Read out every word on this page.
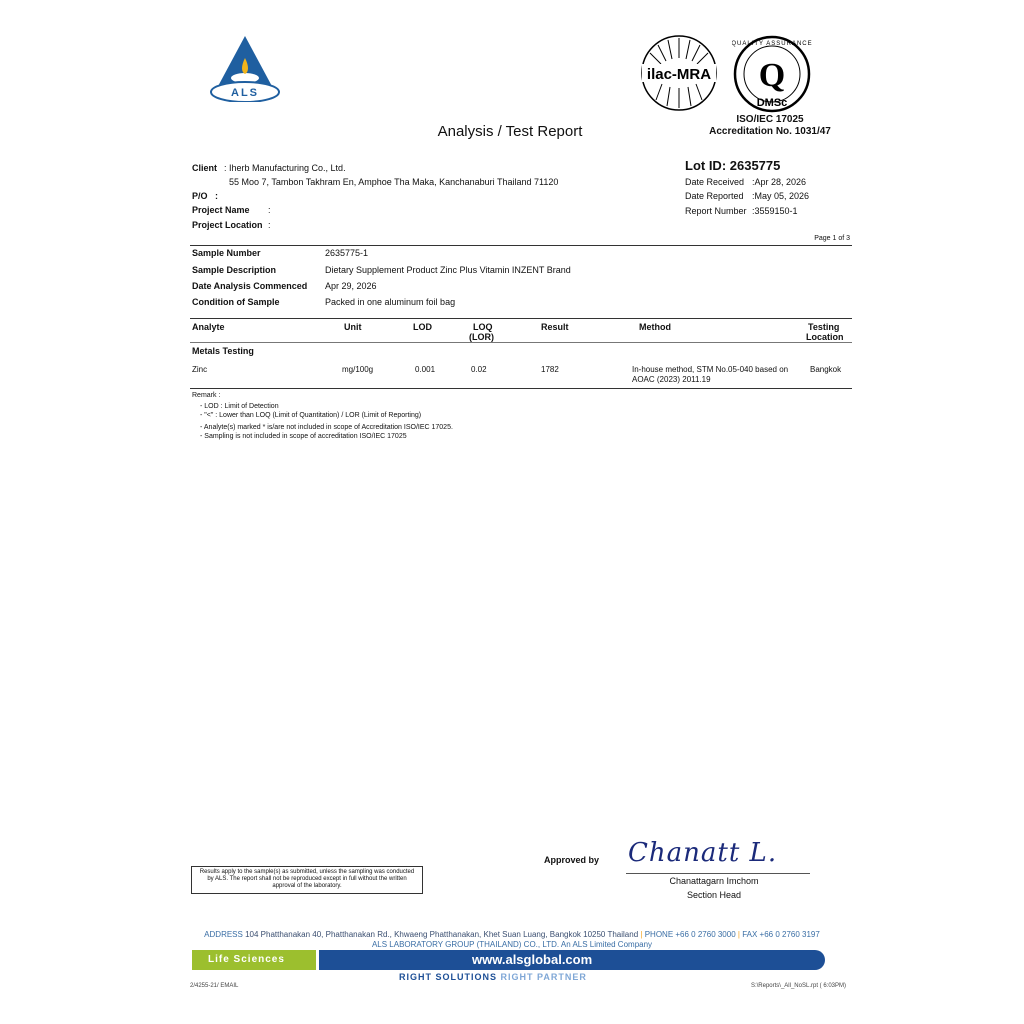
ALS
ilac-MRA
QUALITY ASSURANCE
Q
DMSc
ISO/IEC 17025
Accreditation No. 1031/47
Analysis / Test Report
Client : Iherb Manufacturing Co., Ltd.
55 Moo 7, Tambon Takhram En, Amphoe Tha Maka, Kanchanaburi Thailand 71120
P/O :
Project Name :
Project Location :
Lot ID: 2635775
Date Received :Apr 28, 2026
Date Reported :May 05, 2026
Report Number :3559150-1
Page 1 of 3
Sample Number	2635775-1
Sample Description	Dietary Supplement Product Zinc Plus Vitamin INZENT Brand
Date Analysis Commenced Apr 29, 2026
Condition of Sample	Packed in one aluminum foil bag
Analyte	Unit	LOD	LOQ
(LOR)
Result	Method	Testing
Location
Metals Testing
Zinc	mg/100g	0.001	0.02	1782	In-house method, STM No.05-040 based on
AOAC (2023) 2011.19
Bangkok
Remark :
- LOD : Limit of Detection
- "<" : Lower than LOQ (Limit of Quantitation) / LOR (Limit of Reporting)
- Analyte(s) marked * is/are not included in scope of Accreditation ISO/IEC 17025.
- Sampling is not included in scope of accreditation ISO/IEC 17025
Results apply to the sample(s) as submitted, unless the sampling was conducted by ALS. The report shall not be reproduced except in full without the written approval of the laboratory.
Approved by Chanatt L.
Chanattagarn Imchom
Section Head
ADDRESS 104 Phatthanakan 40, Phatthanakan Rd., Khwaeng Phatthanakan, Khet Suan Luang, Bangkok 10250 Thailand | PHONE +66 0 2760 3000 | FAX +66 0 2760 3197
ALS LABORATORY GROUP (THAILAND) CO., LTD. An ALS Limited Company
Life Sciences	www.alsglobal.com
RIGHT SOLUTIONS RIGHT PARTNER
2/4255-21/ EMAIL	S:\Reports\_All_NoSL.rpt ( 6:03PM)
